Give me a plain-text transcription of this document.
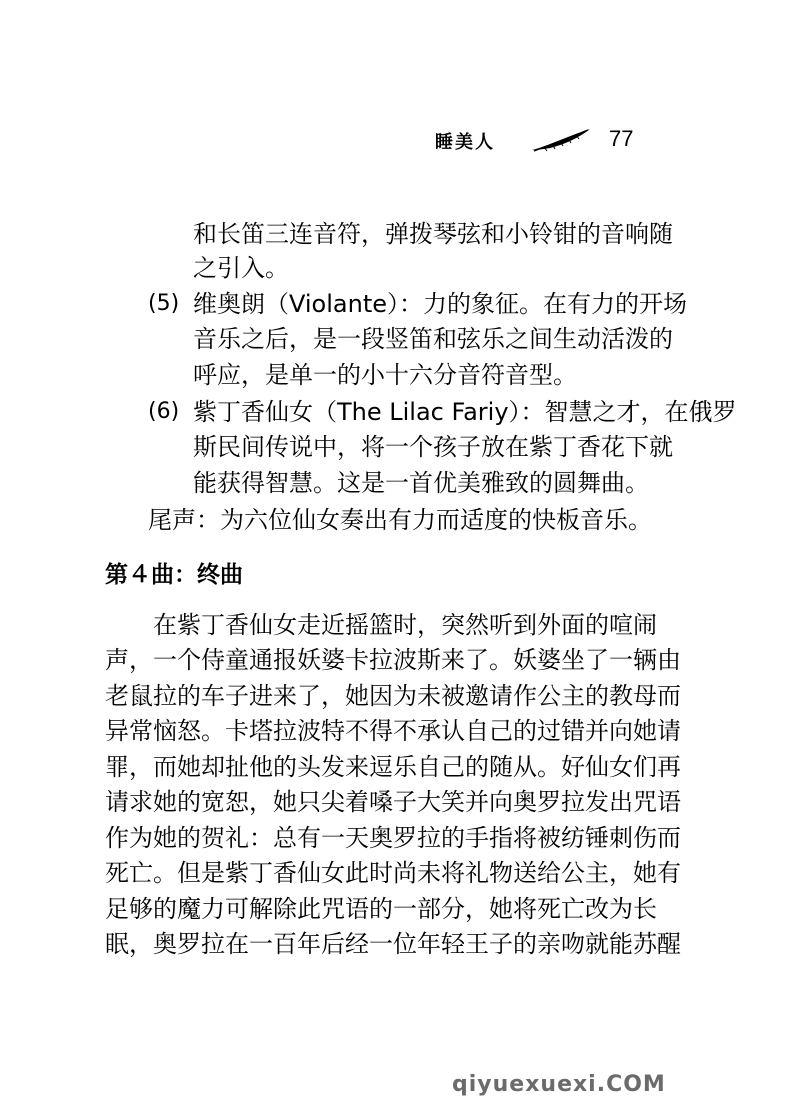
睡美人	77
和长笛三连音符，弹拨琴弦和小铃钳的音响随
之引入。
(5) 维奥朗（Violante）：力的象征。在有力的开场
音乐之后，是一段竖笛和弦乐之间生动活泼的
呼应，是单一的小十六分音符音型。
(6) 紫丁香仙女（The Lilac Fariy）：智慧之才，在俄罗
斯民间传说中，将一个孩子放在紫丁香花下就
能获得智慧。这是一首优美雅致的圆舞曲。
尾声：为六位仙女奏出有力而适度的快板音乐。
第４曲：终曲
在紫丁香仙女走近摇篮时，突然听到外面的喧闹
声，一个侍童通报妖婆卡拉波斯来了。妖婆坐了一辆由
老鼠拉的车子进来了，她因为未被邀请作公主的教母而
异常恼怒。卡塔拉波特不得不承认自己的过错并向她请
罪，而她却扯他的头发来逗乐自己的随从。好仙女们再
请求她的宽恕，她只尖着嗓子大笑并向奥罗拉发出咒语
作为她的贺礼：总有一天奥罗拉的手指将被纺锤刺伤而
死亡。但是紫丁香仙女此时尚未将礼物送给公主，她有
足够的魔力可解除此咒语的一部分，她将死亡改为长
眠，奥罗拉在一百年后经一位年轻王子的亲吻就能苏醒
qiyuexuexi.COM
